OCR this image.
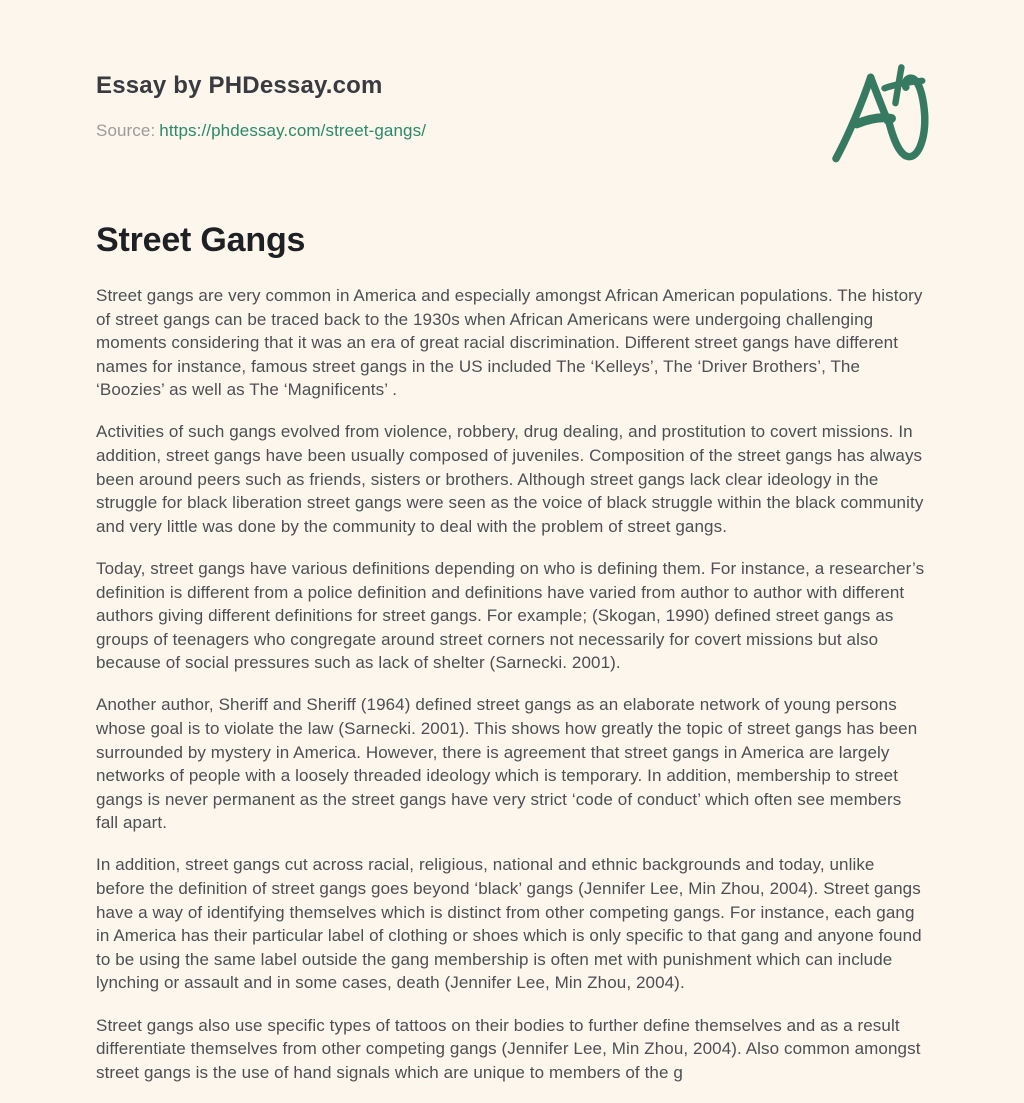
Essay by PHDessay.com
Source: https://phdessay.com/street-gangs/
Street Gangs

Street gangs are very common in America and especially amongst African American populations. The history of street gangs can be traced back to the 1930s when African Americans were undergoing challenging moments considering that it was an era of great racial discrimination. Different street gangs have different names for instance, famous street gangs in the US included The ‘Kelleys’, The ‘Driver Brothers’, The ‘Boozies’ as well as The ‘Magnificents’ .

Activities of such gangs evolved from violence, robbery, drug dealing, and prostitution to covert missions. In addition, street gangs have been usually composed of juveniles. Composition of the street gangs has always been around peers such as friends, sisters or brothers. Although street gangs lack clear ideology in the struggle for black liberation street gangs were seen as the voice of black struggle within the black community and very little was done by the community to deal with the problem of street gangs.

Today, street gangs have various definitions depending on who is defining them. For instance, a researcher’s definition is different from a police definition and definitions have varied from author to author with different authors giving different definitions for street gangs. For example; (Skogan, 1990) defined street gangs as groups of teenagers who congregate around street corners not necessarily for covert missions but also because of social pressures such as lack of shelter (Sarnecki. 2001).

Another author, Sheriff and Sheriff (1964) defined street gangs as an elaborate network of young persons whose goal is to violate the law (Sarnecki. 2001). This shows how greatly the topic of street gangs has been surrounded by mystery in America. However, there is agreement that street gangs in America are largely networks of people with a loosely threaded ideology which is temporary. In addition, membership to street gangs is never permanent as the street gangs have very strict ‘code of conduct’ which often see members fall apart.

In addition, street gangs cut across racial, religious, national and ethnic backgrounds and today, unlike before the definition of street gangs goes beyond ‘black’ gangs (Jennifer Lee, Min Zhou, 2004). Street gangs have a way of identifying themselves which is distinct from other competing gangs. For instance, each gang in America has their particular label of clothing or shoes which is only specific to that gang and anyone found to be using the same label outside the gang membership is often met with punishment which can include lynching or assault and in some cases, death (Jennifer Lee, Min Zhou, 2004).

Street gangs also use specific types of tattoos on their bodies to further define themselves and as a result differentiate themselves from other competing gangs (Jennifer Lee, Min Zhou, 2004). Also common amongst street gangs is the use of hand signals which are unique to members of the g
